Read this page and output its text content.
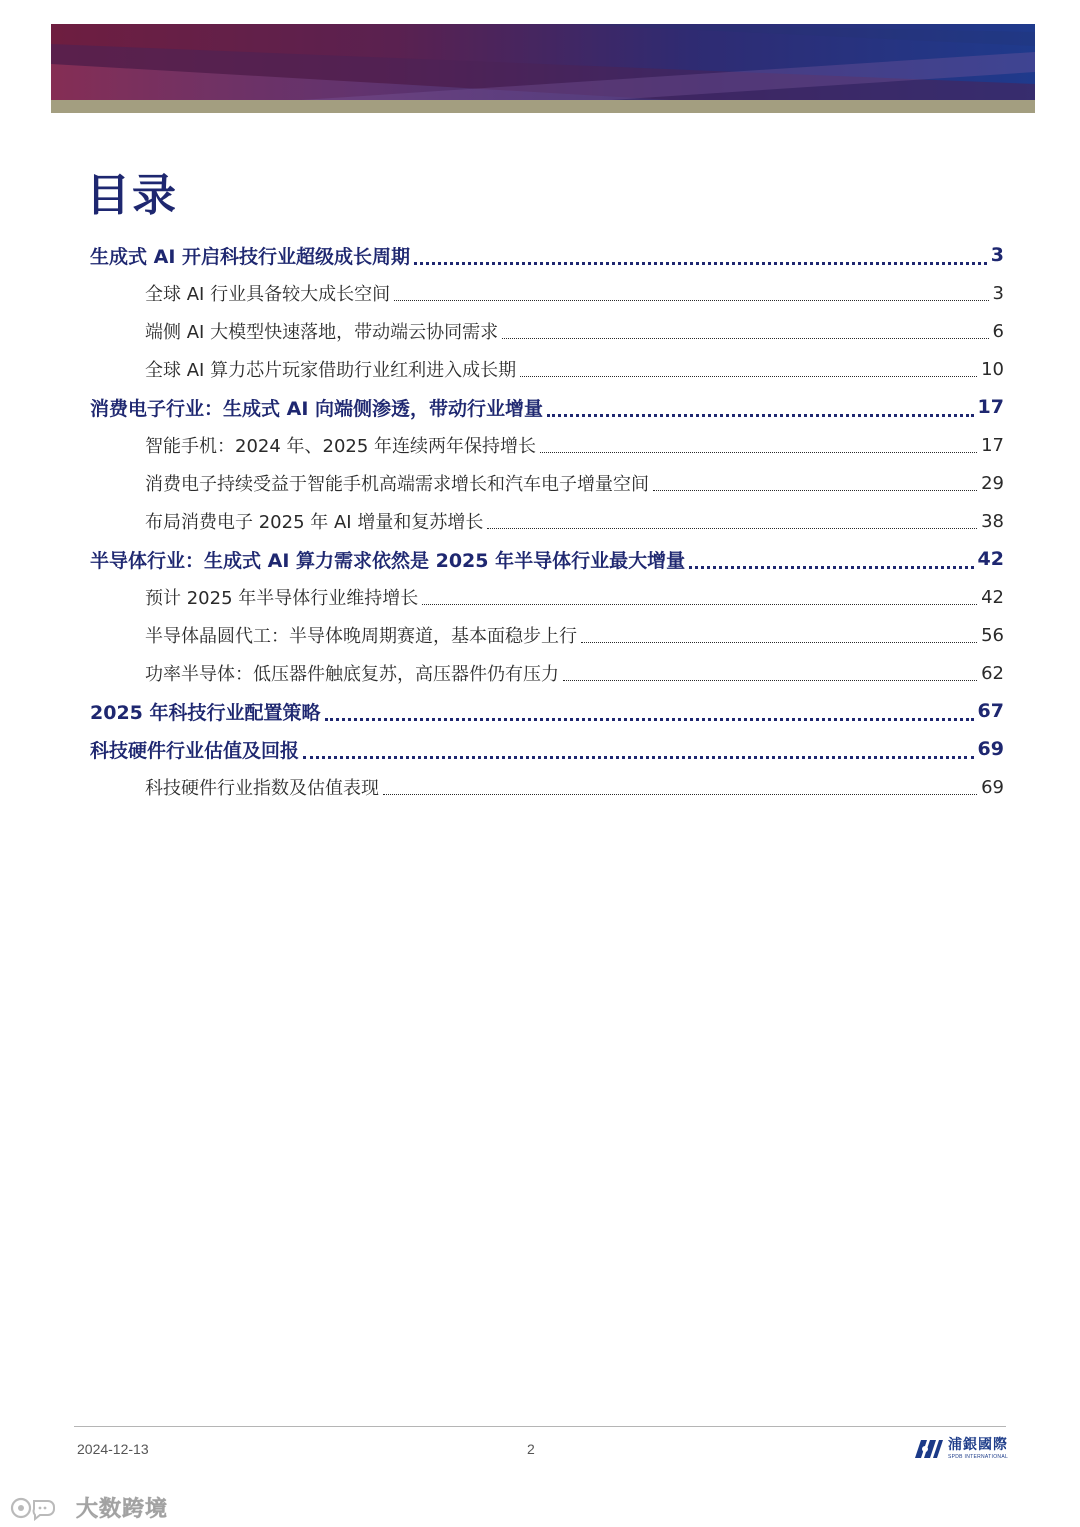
目录
生成式 AI 开启科技行业超级成长周期	3
全球 AI 行业具备较大成长空间	3
端侧 AI 大模型快速落地，带动端云协同需求	6
全球 AI 算力芯片玩家借助行业红利进入成长期	10
消费电子行业：生成式 AI 向端侧渗透，带动行业增量	17
智能手机：2024 年、2025 年连续两年保持增长	17
消费电子持续受益于智能手机高端需求增长和汽车电子增量空间	29
布局消费电子 2025 年 AI 增量和复苏增长	38
半导体行业：生成式 AI 算力需求依然是 2025 年半导体行业最大增量	42
预计 2025 年半导体行业维持增长	42
半导体晶圆代工：半导体晚周期赛道，基本面稳步上行	56
功率半导体：低压器件触底复苏，高压器件仍有压力	62
2025 年科技行业配置策略	67
科技硬件行业估值及回报	69
科技硬件行业指数及估值表现	69
2024-12-13	2	浦銀國際
SPDB INTERNATIONAL
大数跨境
